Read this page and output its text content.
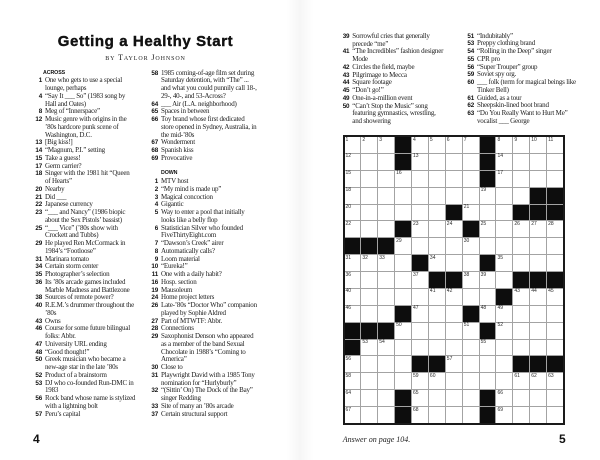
Getting a Healthy Start
by Taylor Johnson
ACROSS
1 One who gets to use a special lounge, perhaps
4 “Say It ___ So” (1983 song by Hall and Oates)
8 Meg of “Innerspace”
12 Music genre with origins in the ’80s hardcore punk scene of Washington, D.C.
13 [Big kiss!]
14 “Magnum, P.I.” setting
15 Take a guess!
17 Germ carrier?
18 Singer with the 1981 hit “Queen of Hearts”
20 Nearby
21 Did ___
22 Japanese currency
23 “___ and Nancy” (1986 biopic about the Sex Pistols’ bassist)
25 “___ Vice” (’80s show with Crockett and Tubbs)
29 He played Ren McCormack in 1984’s “Footloose”
31 Marinara tomato
34 Certain storm center
35 Photographer’s selection
36 Its ’80s arcade games included Marble Madness and Battlezone
38 Sources of remote power?
40 R.E.M.’s drummer throughout the ’80s
43 Owns
46 Course for some future bilingual folks: Abbr.
47 University URL ending
48 “Good thought!”
50 Greek musician who became a new-age star in the late ’80s
52 Product of a brainstorm
53 DJ who co-founded Run-DMC in 1983
56 Rock band whose name is stylized with a lightning bolt
57 Peru’s capital
58 1985 coming-of-age film set during Saturday detention, with “The” ... and what you could punnily call 18-, 29-, 40-, and 53-Across?
64 ___ Air (L.A. neighborhood)
65 Spaces in between
66 Toy brand whose first dedicated store opened in Sydney, Australia, in the mid-’80s
67 Wonderment
68 Spanish kiss
69 Provocative
DOWN
1 MTV host
2 “My mind is made up”
3 Magical concoction
4 Gigantic
5 Way to enter a pool that initially looks like a belly flop
6 Statistician Silver who founded FiveThirtyEight.com
7 “Dawson’s Creek” airer
8 Automatically calls?
9 Loom material
10 “Eureka!”
11 One with a daily habit?
16 Hosp. section
19 Mausoleum
24 Home project letters
26 Late-’80s “Doctor Who” companion played by Sophie Aldred
27 Part of MTWTF: Abbr.
28 Connections
29 Saxophonist Denson who appeared as a member of the band Sexual Chocolate in 1988’s “Coming to America”
30 Close to
31 Playwright David with a 1985 Tony nomination for “Hurlyburly”
32 “(Sittin’ On) The Dock of the Bay” singer Redding
33 Site of many an ’80s arcade
37 Certain structural support
4
39 Sorrowful cries that generally precede “me”
41 “The Incredibles” fashion designer Mode
42 Circles the field, maybe
43 Pilgrimage to Mecca
44 Square footage
45 “Don’t go!”
49 One-in-a-million event
50 “Can’t Stop the Music” song featuring gymnastics, wrestling, and showering
51 “Indubitably”
53 Preppy clothing brand
54 “Rolling in the Deep” singer
55 CPR pro
56 “Super Trouper” group
59 Soviet spy org.
60 ___ folk (term for magical beings like Tinker Bell)
61 Guided, as a tour
62 Sheepskin-lined boot brand
63 “Do You Really Want to Hurt Me” vocalist ___ George
1	2	3	4	5	6	7	8	9	10 11
12	13	14
15	16	17
18	19
20	21
22	23	24	25	26 27 28
29	30
31 32 33	34	35
36	37	38 39
40	41 42	43 44 45
46	47	48 49
50	51	52
53 54	55
56	57
58	59 60	61 62 63
64	65	66
67	68	69
Answer on page 104.	5
